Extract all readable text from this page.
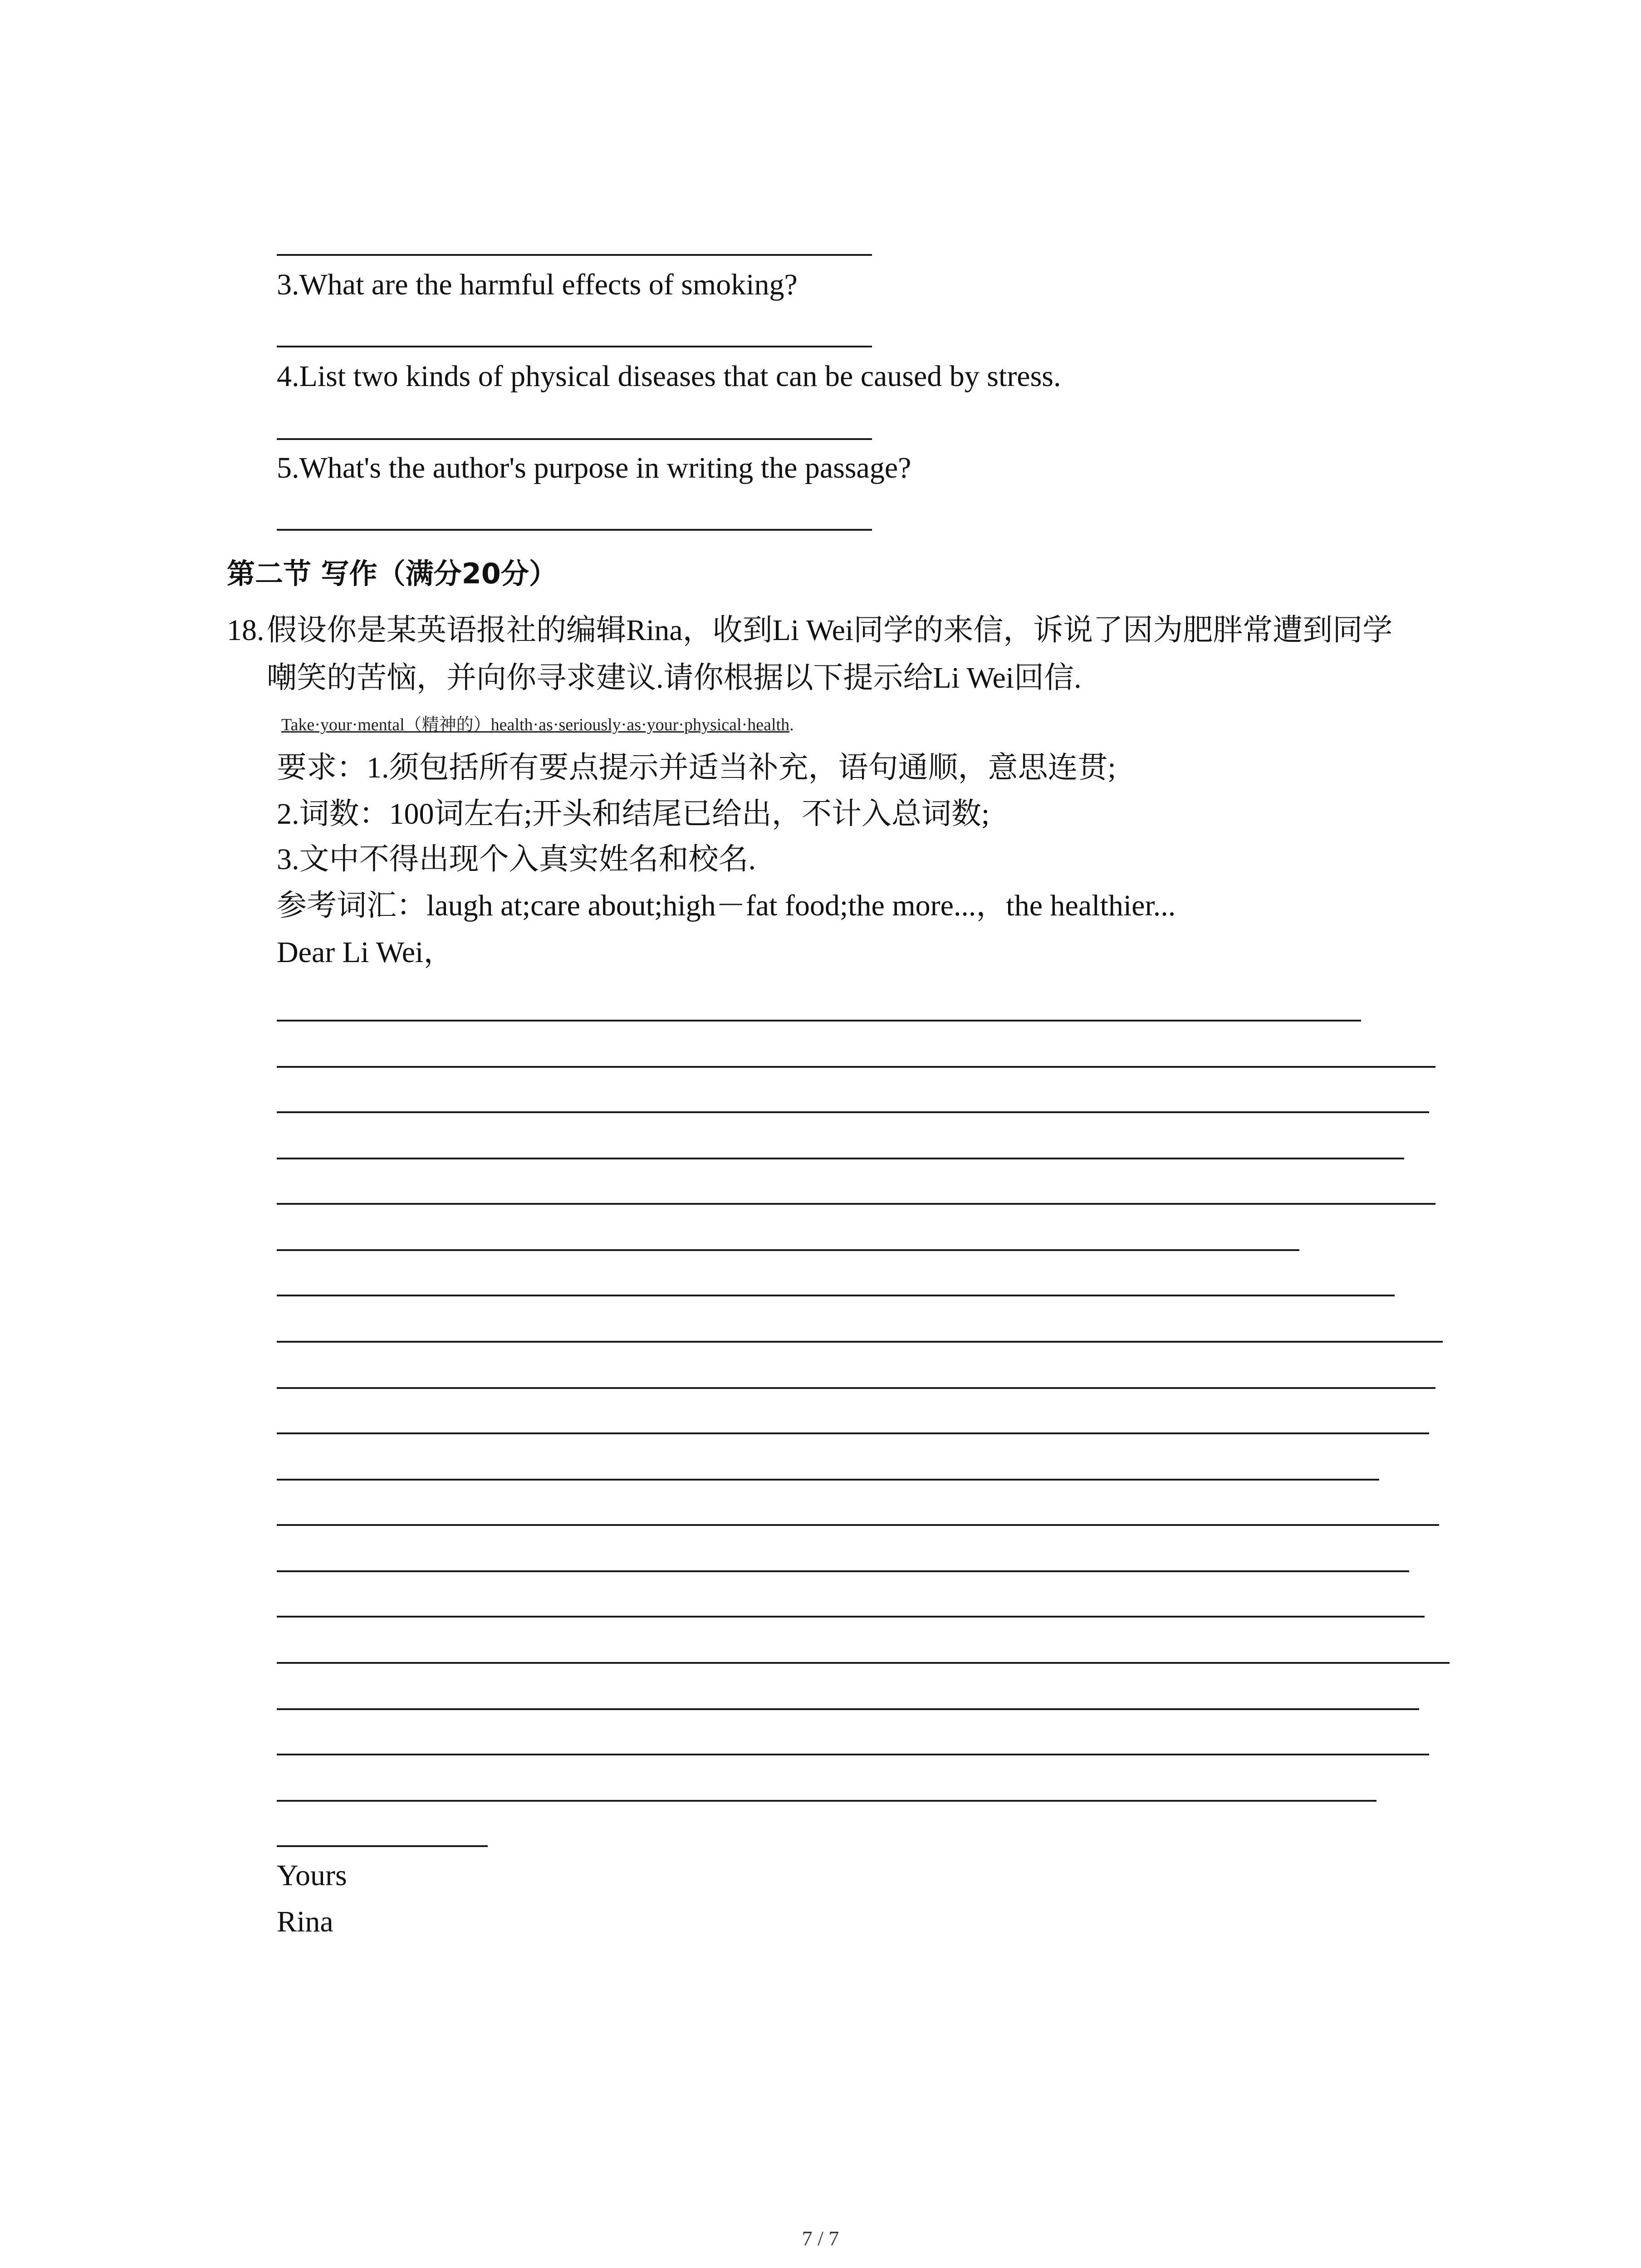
3.What are the harmful effects of smoking?
4.List two kinds of physical diseases that can be caused by stress.
5.What's the author's purpose in writing the passage?
第二节 写作（满分20分）
18. 假设你是某英语报社的编辑Rina，收到Li Wei同学的来信，诉说了因为肥胖常遭到同学
嘲笑的苦恼，并向你寻求建议.请你根据以下提示给Li Wei回信.
Take·your·mental（精神的）health·as·seriously·as·your·physical·health.
要求：1.须包括所有要点提示并适当补充，语句通顺，意思连贯;
2.词数：100词左右;开头和结尾已给出，不计入总词数;
3.文中不得出现个入真实姓名和校名.
参考词汇：laugh at;care about;high－fat food;the more...，the healthier...
Dear Li Wei，
Yours
Rina
7 / 7
